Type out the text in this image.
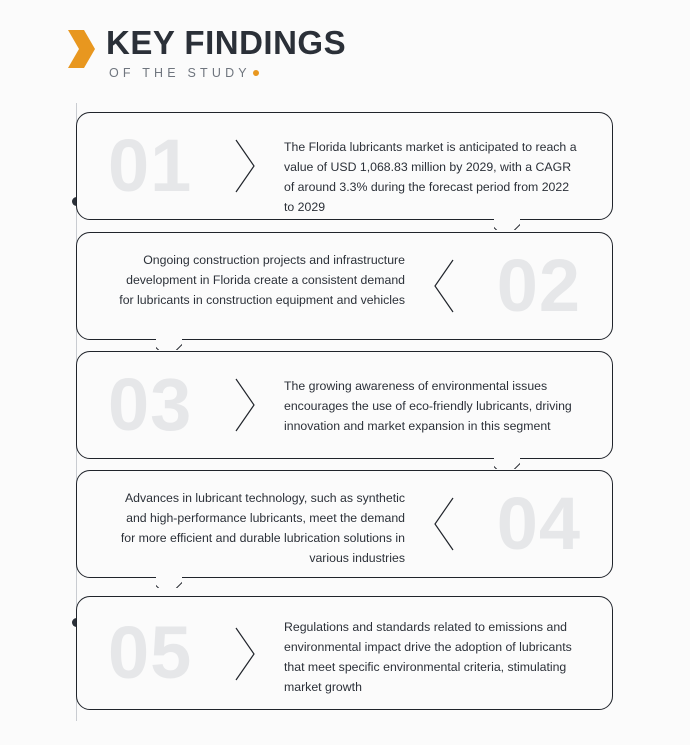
KEY FINDINGS
OF THE STUDY
01	The Florida lubricants market is anticipated to reach a value of USD 1,068.83 million by 2029, with a CAGR of around 3.3% during the forecast period from 2022 to 2029
02
Ongoing construction projects and infrastructure development in Florida create a consistent demand for lubricants in construction equipment and vehicles
03	The growing awareness of environmental issues encourages the use of eco-friendly lubricants, driving innovation and market expansion in this segment
04
Advances in lubricant technology, such as synthetic and high-performance lubricants, meet the demand for more efficient and durable lubrication solutions in various industries
05	Regulations and standards related to emissions and environmental impact drive the adoption of lubricants that meet specific environmental criteria, stimulating market growth
